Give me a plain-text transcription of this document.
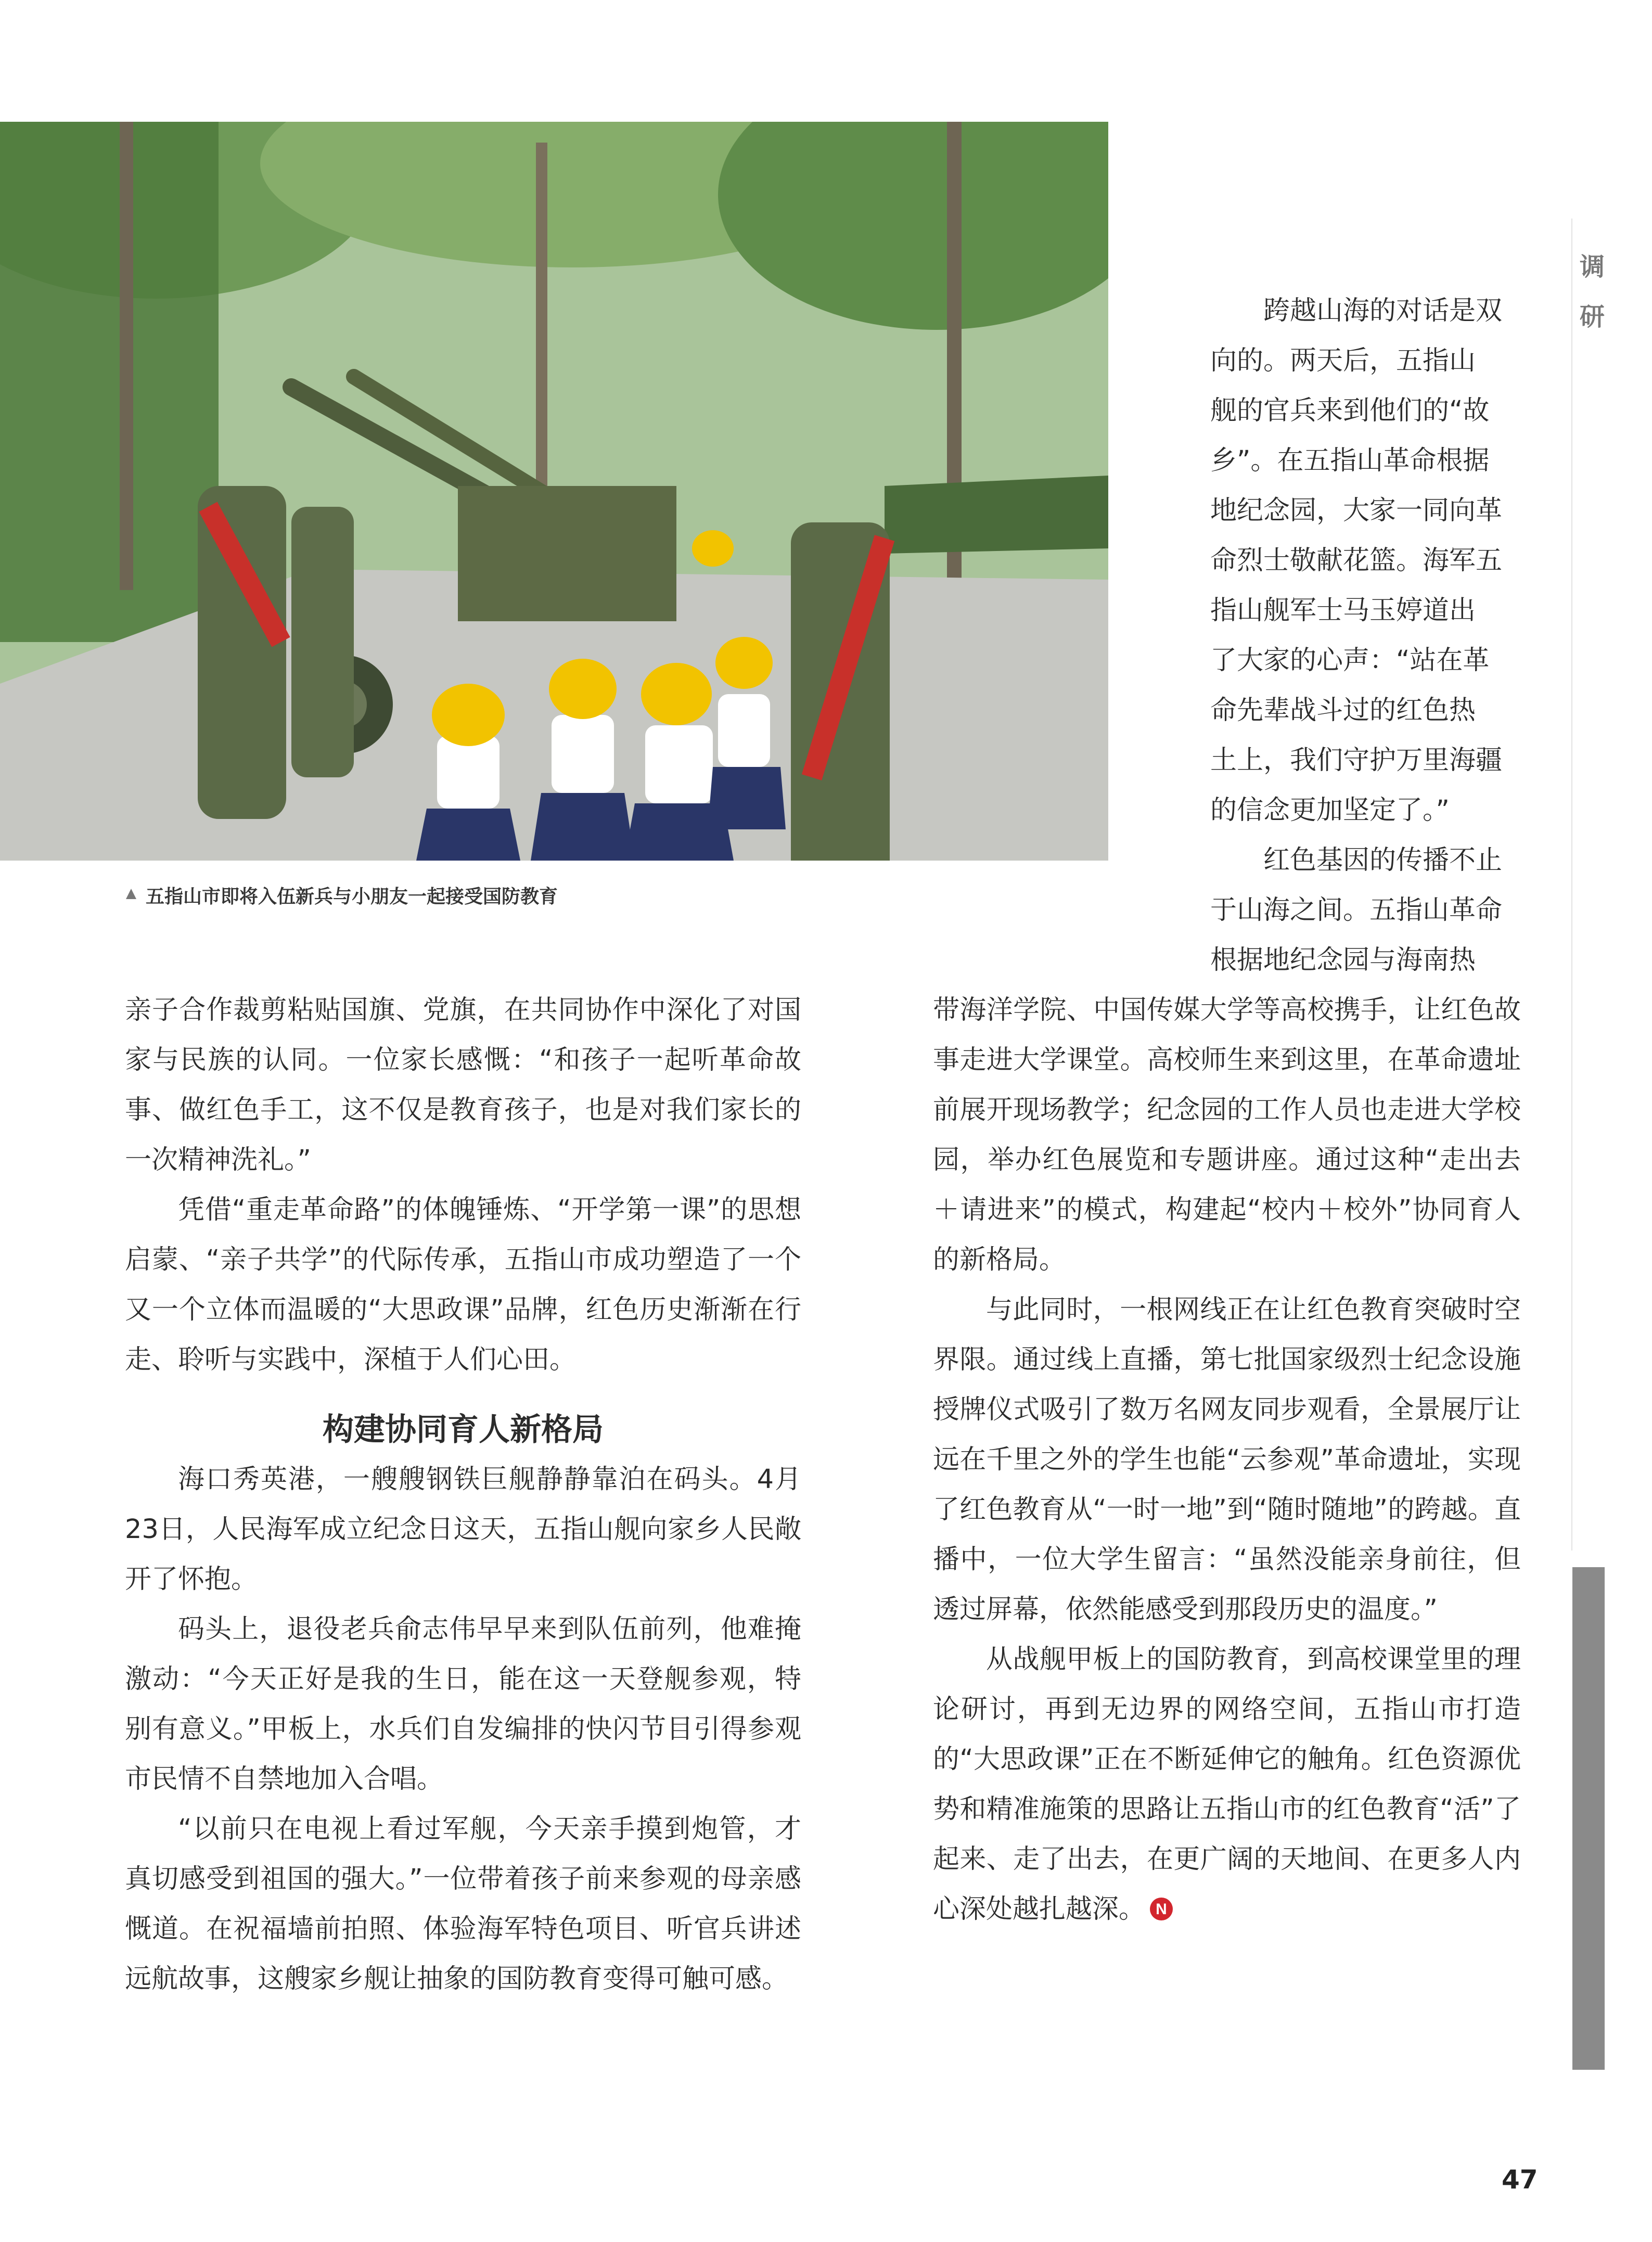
五指山市即将入伍新兵与小朋友一起接受国防教育
调
研

跨越山海的对话是双

向的。两天后，五指山

舰的官兵来到他们的“故

乡”。在五指山革命根据

地纪念园，大家一同向革

命烈士敬献花篮。海军五

指山舰军士马玉婷道出

了大家的心声：“站在革

命先辈战斗过的红色热

土上，我们守护万里海疆

的信念更加坚定了。”

红色基因的传播不止

于山海之间。五指山革命

根据地纪念园与海南热

带海洋学院、中国传媒大学等高校携手，让红色故事走进大学课堂。高校师生来到这里，在革命遗址前展开现场教学；纪念园的工作人员也走进大学校园，举办红色展览和专题讲座。通过这种“走出去＋请进来”的模式，构建起“校内＋校外”协同育人的新格局。

与此同时，一根网线正在让红色教育突破时空界限。通过线上直播，第七批国家级烈士纪念设施授牌仪式吸引了数万名网友同步观看，全景展厅让远在千里之外的学生也能“云参观”革命遗址，实现了红色教育从“一时一地”到“随时随地”的跨越。直播中，一位大学生留言：“虽然没能亲身前往，但透过屏幕，依然能感受到那段历史的温度。”

从战舰甲板上的国防教育，到高校课堂里的理论研讨，再到无边界的网络空间，五指山市打造的“大思政课”正在不断延伸它的触角。红色资源优势和精准施策的思路让五指山市的红色教育“活”了起来、走了出去，在更广阔的天地间、在更多人内心深处越扎越深。 N

亲子合作裁剪粘贴国旗、党旗，在共同协作中深化了对国家与民族的认同。一位家长感慨：“和孩子一起听革命故事、做红色手工，这不仅是教育孩子，也是对我们家长的一次精神洗礼。”

凭借“重走革命路”的体魄锤炼、“开学第一课”的思想启蒙、“亲子共学”的代际传承，五指山市成功塑造了一个又一个立体而温暖的“大思政课”品牌，红色历史渐渐在行走、聆听与实践中，深植于人们心田。

构建协同育人新格局

海口秀英港，一艘艘钢铁巨舰静静靠泊在码头。4月23日，人民海军成立纪念日这天，五指山舰向家乡人民敞开了怀抱。

码头上，退役老兵俞志伟早早来到队伍前列，他难掩激动：“今天正好是我的生日，能在这一天登舰参观，特别有意义。”甲板上，水兵们自发编排的快闪节目引得参观市民情不自禁地加入合唱。

“以前只在电视上看过军舰，今天亲手摸到炮管，才真切感受到祖国的强大。”一位带着孩子前来参观的母亲感慨道。在祝福墙前拍照、体验海军特色项目、听官兵讲述远航故事，这艘家乡舰让抽象的国防教育变得可触可感。

47
